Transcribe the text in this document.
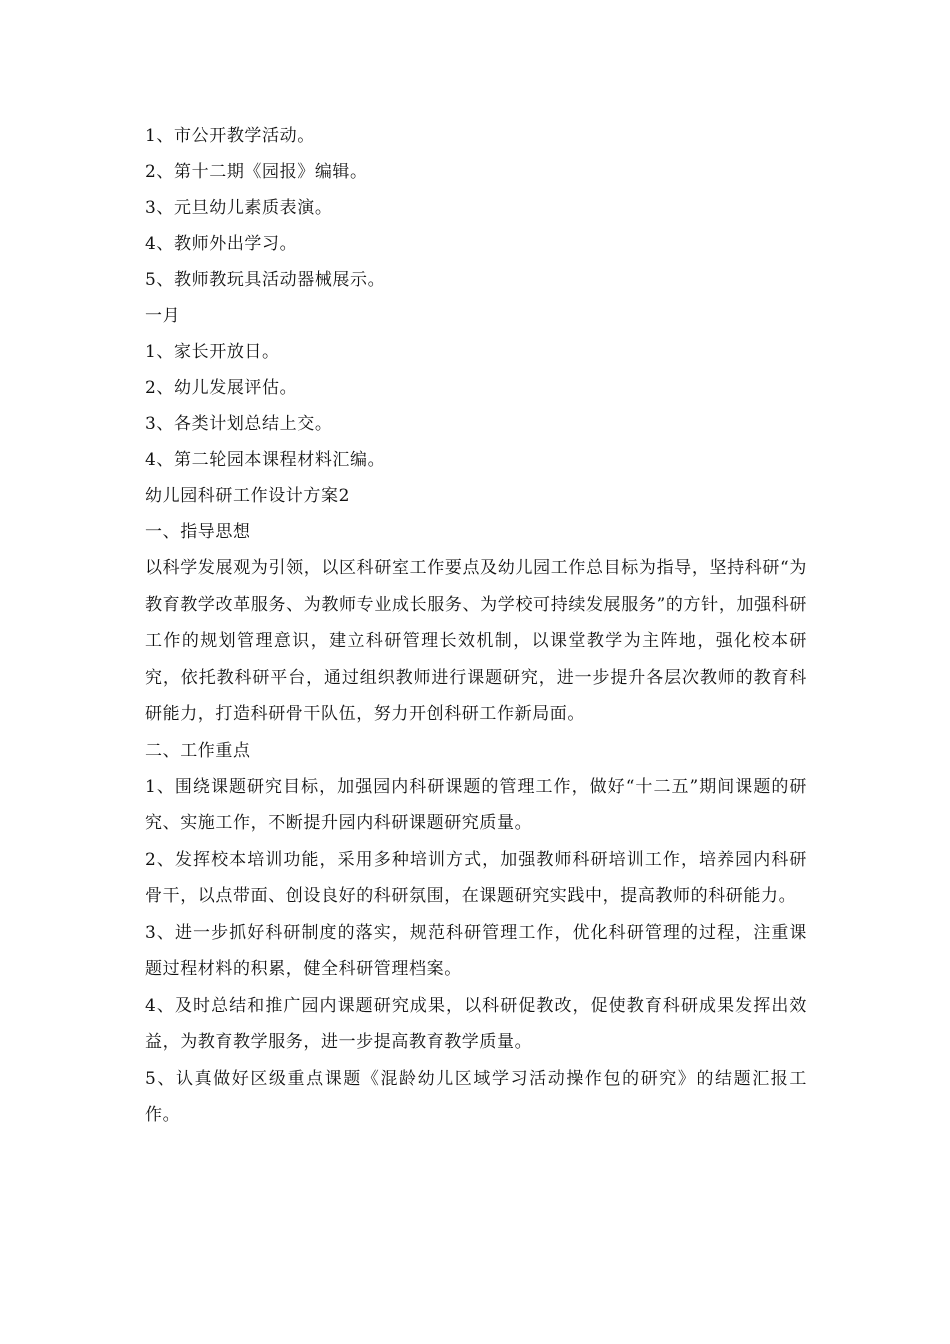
1、市公开教学活动。
2、第十二期《园报》编辑。
3、元旦幼儿素质表演。
4、教师外出学习。
5、教师教玩具活动器械展示。
一月
1、家长开放日。
2、幼儿发展评估。
3、各类计划总结上交。
4、第二轮园本课程材料汇编。
幼儿园科研工作设计方案2
一、指导思想

以科学发展观为引领，以区科研室工作要点及幼儿园工作总目标为指导，坚持科研“为教育教学改革服务、为教师专业成长服务、为学校可持续发展服务”的方针，加强科研工作的规划管理意识，建立科研管理长效机制，以课堂教学为主阵地，强化校本研究，依托教科研平台，通过组织教师进行课题研究，进一步提升各层次教师的教育科研能力，打造科研骨干队伍，努力开创科研工作新局面。

二、工作重点

1、围绕课题研究目标，加强园内科研课题的管理工作，做好“十二五”期间课题的研究、实施工作，不断提升园内科研课题研究质量。

2、发挥校本培训功能，采用多种培训方式，加强教师科研培训工作，培养园内科研骨干，以点带面、创设良好的科研氛围，在课题研究实践中，提高教师的科研能力。

3、进一步抓好科研制度的落实，规范科研管理工作，优化科研管理的过程，注重课题过程材料的积累，健全科研管理档案。

4、及时总结和推广园内课题研究成果，以科研促教改，促使教育科研成果发挥出效益，为教育教学服务，进一步提高教育教学质量。

5、认真做好区级重点课题《混龄幼儿区域学习活动操作包的研究》的结题汇报工作。
